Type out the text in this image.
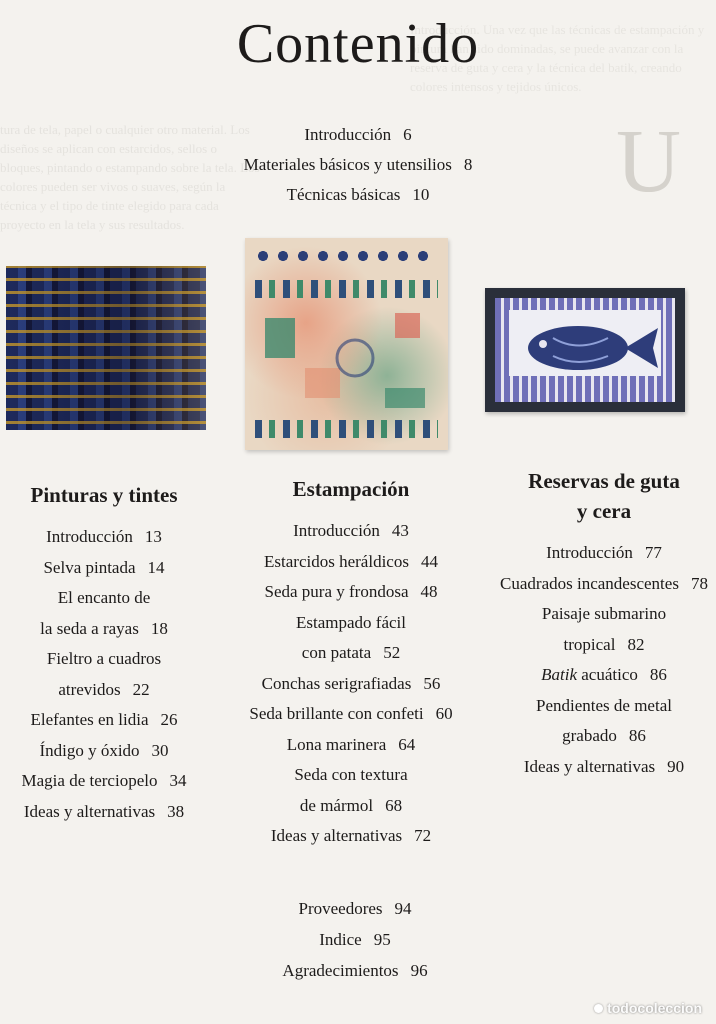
tura de tela, papel o cualquier otro material. Los diseños se aplican con estarcidos, sellos o bloques, pintando o estampando sobre la tela. Los colores pueden ser vivos o suaves, según la técnica y el tipo de tinte elegido para cada proyecto en la tela y sus resultados.
Introducción. Una vez que las técnicas de estampación y pintura han sido dominadas, se puede avanzar con la reserva de guta y cera y la técnica del batik, creando colores intensos y tejidos únicos.
U
Contenido
Introducción 6
Materiales básicos y utensilios 8
Técnicas básicas 10
Pinturas y tintes
Introducción 13
Selva pintada 14
El encanto de
la seda a rayas 18
Fieltro a cuadros
atrevidos 22
Elefantes en lidia 26
Índigo y óxido 30
Magia de terciopelo 34
Ideas y alternativas 38
Estampación
Introducción 43
Estarcidos heráldicos 44
Seda pura y frondosa 48
Estampado fácil
con patata 52
Conchas serigrafiadas 56
Seda brillante con confeti 60
Lona marinera 64
Seda con textura
de mármol 68
Ideas y alternativas 72
Reservas de guta
y cera
Introducción 77
Cuadrados incandescentes 78
Paisaje submarino
tropical 82
Batik acuático 86
Pendientes de metal
grabado 86
Ideas y alternativas 90
Proveedores 94
Indice 95
Agradecimientos 96
todocoleccion
